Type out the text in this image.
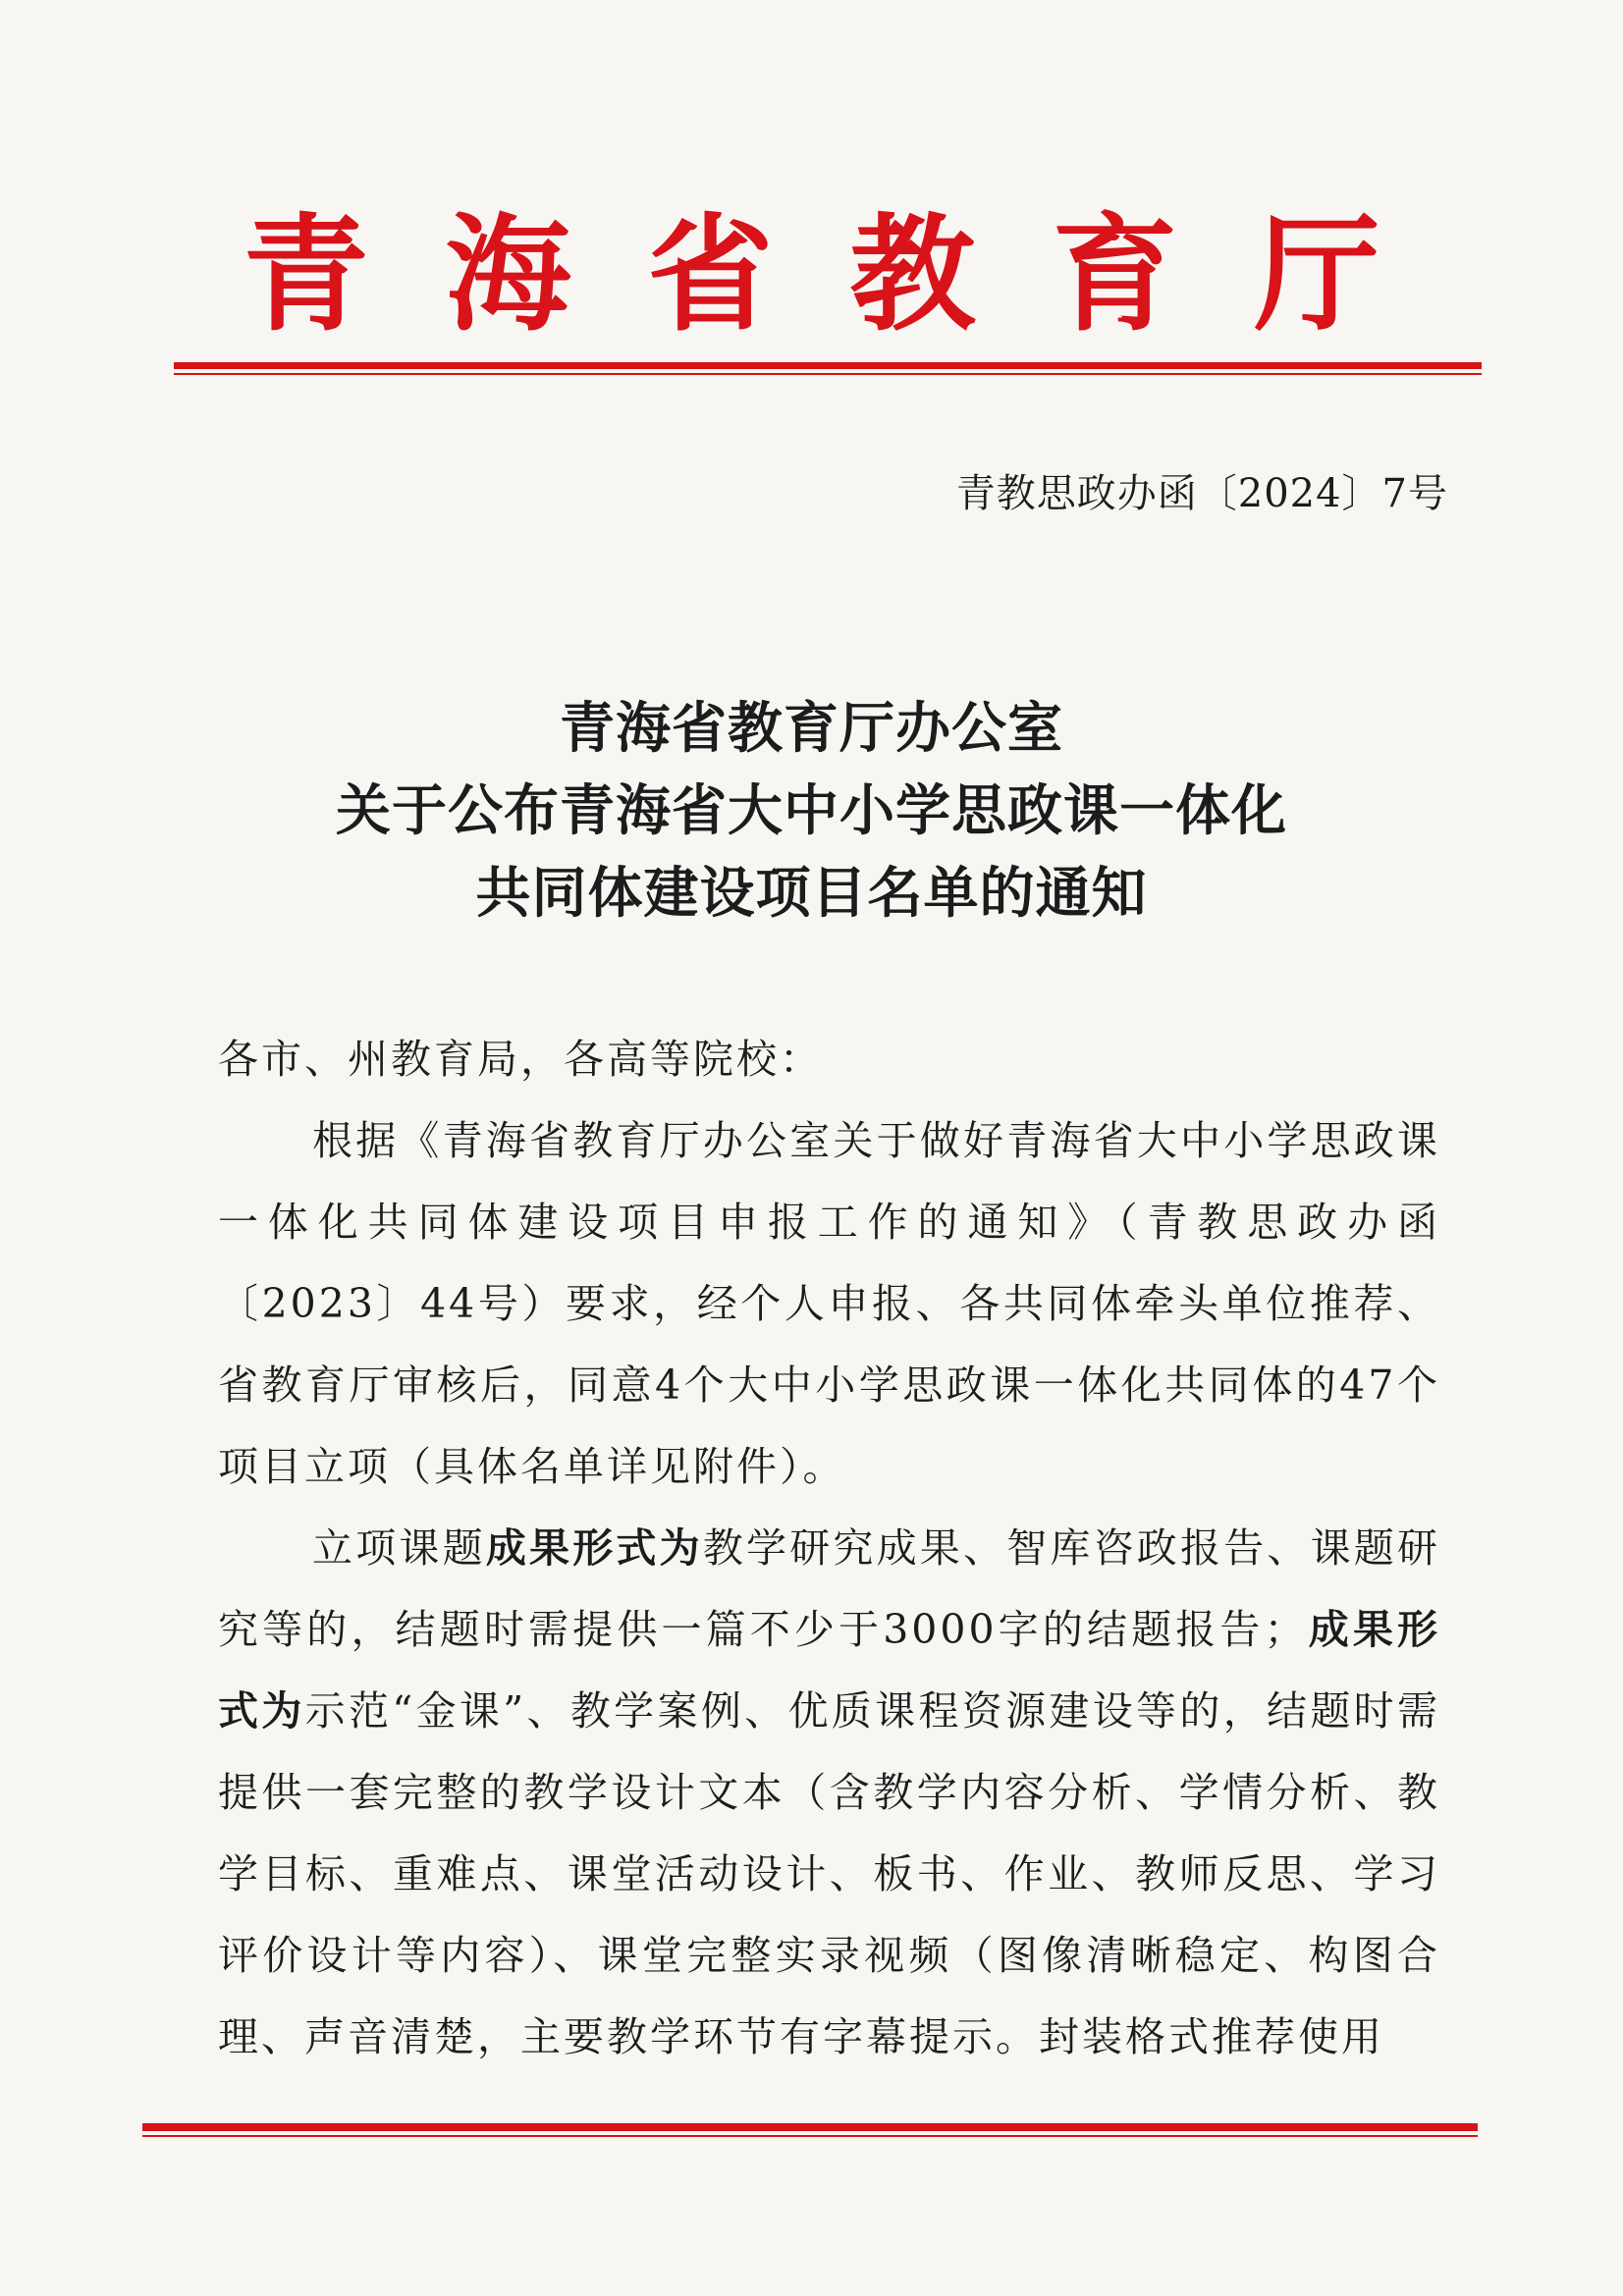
青海省教育厅
青教思政办函〔2024〕7号
青海省教育厅办公室
关于公布青海省大中小学思政课一体化
共同体建设项目名单的通知

各市、州教育局，各高等院校：

根据《青海省教育厅办公室关于做好青海省大中小学思政课一体化共同体建设项目申报工作的通知》（青教思政办函〔2023〕44号）要求，经个人申报、各共同体牵头单位推荐、省教育厅审核后，同意4个大中小学思政课一体化共同体的47个项目立项（具体名单详见附件）。

立项课题成果形式为教学研究成果、智库咨政报告、课题研究等的，结题时需提供一篇不少于3000字的结题报告；成果形式为示范“金课”、教学案例、优质课程资源建设等的，结题时需提供一套完整的教学设计文本（含教学内容分析、学情分析、教学目标、重难点、课堂活动设计、板书、作业、教师反思、学习评价设计等内容）、课堂完整实录视频（图像清晰稳定、构图合理、声音清楚，主要教学环节有字幕提示。封装格式推荐使用
